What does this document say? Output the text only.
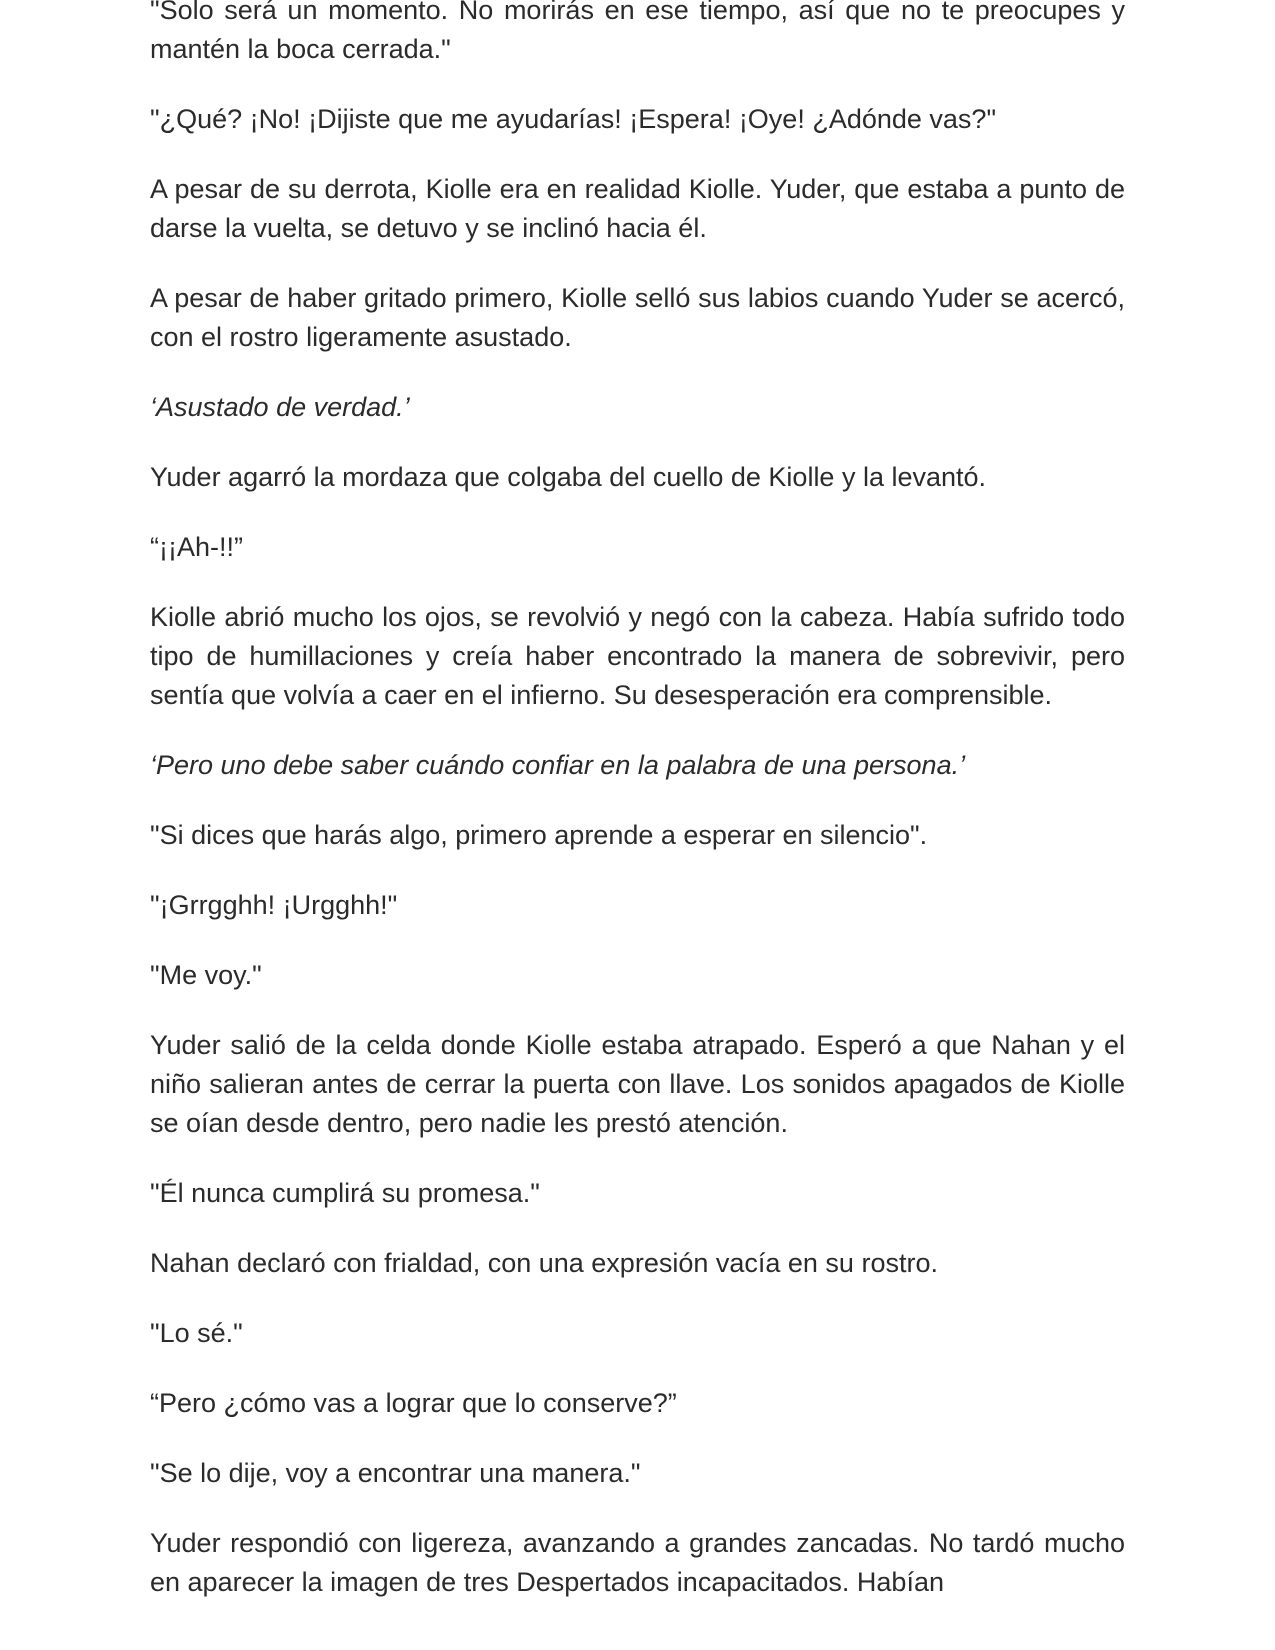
"Solo será un momento. No morirás en ese tiempo, así que no te preocupes y mantén la boca cerrada."

"¿Qué? ¡No! ¡Dijiste que me ayudarías! ¡Espera! ¡Oye! ¿Adónde vas?"

A pesar de su derrota, Kiolle era en realidad Kiolle. Yuder, que estaba a punto de darse la vuelta, se detuvo y se inclinó hacia él.

A pesar de haber gritado primero, Kiolle selló sus labios cuando Yuder se acercó, con el rostro ligeramente asustado.

‘Asustado de verdad.’

Yuder agarró la mordaza que colgaba del cuello de Kiolle y la levantó.

“¡¡Ah-!!”

Kiolle abrió mucho los ojos, se revolvió y negó con la cabeza. Había sufrido todo tipo de humillaciones y creía haber encontrado la manera de sobrevivir, pero sentía que volvía a caer en el infierno. Su desesperación era comprensible.

‘Pero uno debe saber cuándo confiar en la palabra de una persona.’

"Si dices que harás algo, primero aprende a esperar en silencio".

"¡Grrgghh! ¡Urgghh!"

"Me voy."

Yuder salió de la celda donde Kiolle estaba atrapado. Esperó a que Nahan y el niño salieran antes de cerrar la puerta con llave. Los sonidos apagados de Kiolle se oían desde dentro, pero nadie les prestó atención.

"Él nunca cumplirá su promesa."

Nahan declaró con frialdad, con una expresión vacía en su rostro.

"Lo sé."

“Pero ¿cómo vas a lograr que lo conserve?”

"Se lo dije, voy a encontrar una manera."

Yuder respondió con ligereza, avanzando a grandes zancadas. No tardó mucho en aparecer la imagen de tres Despertados incapacitados. Habían
